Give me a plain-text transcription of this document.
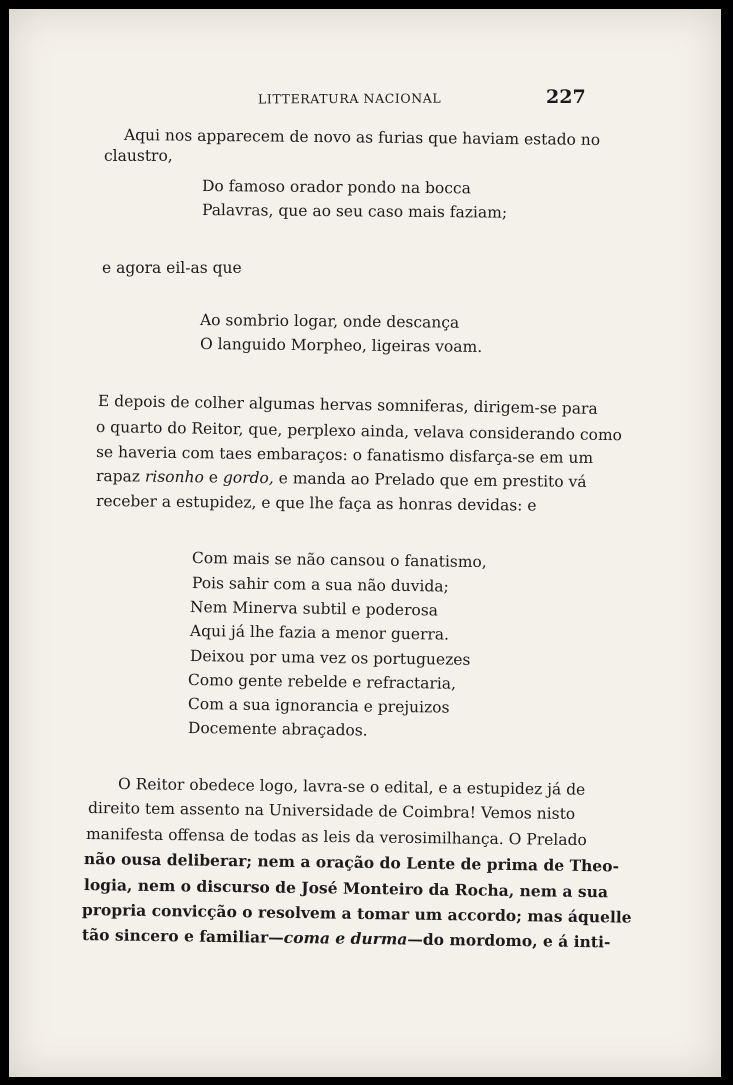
LITTERATURA NACIONAL	227
Aqui nos apparecem de novo as furias que haviam estado no
claustro,
Do famoso orador pondo na bocca
Palavras, que ao seu caso mais faziam;
e agora eil-as que
Ao sombrio logar, onde descança
O languido Morpheo, ligeiras voam.
E depois de colher algumas hervas somniferas, dirigem-se para
o quarto do Reitor, que, perplexo ainda, velava considerando como
se haveria com taes embaraços: o fanatismo disfarça-se em um
rapaz risonho e gordo, e manda ao Prelado que em prestito vá
receber a estupidez, e que lhe faça as honras devidas: e
Com mais se não cansou o fanatismo,
Pois sahir com a sua não duvida;
Nem Minerva subtil e poderosa
Aqui já lhe fazia a menor guerra.
Deixou por uma vez os portuguezes
Como gente rebelde e refractaria,
Com a sua ignorancia e prejuizos
Docemente abraçados.
O Reitor obedece logo, lavra-se o edital, e a estupidez já de
direito tem assento na Universidade de Coimbra! Vemos nisto
manifesta offensa de todas as leis da verosimilhança. O Prelado
não ousa deliberar; nem a oração do Lente de prima de Theo-
logia, nem o discurso de José Monteiro da Rocha, nem a sua
propria convicção o resolvem a tomar um accordo; mas áquelle
tão sincero e familiar—coma e durma—do mordomo, e á inti-
